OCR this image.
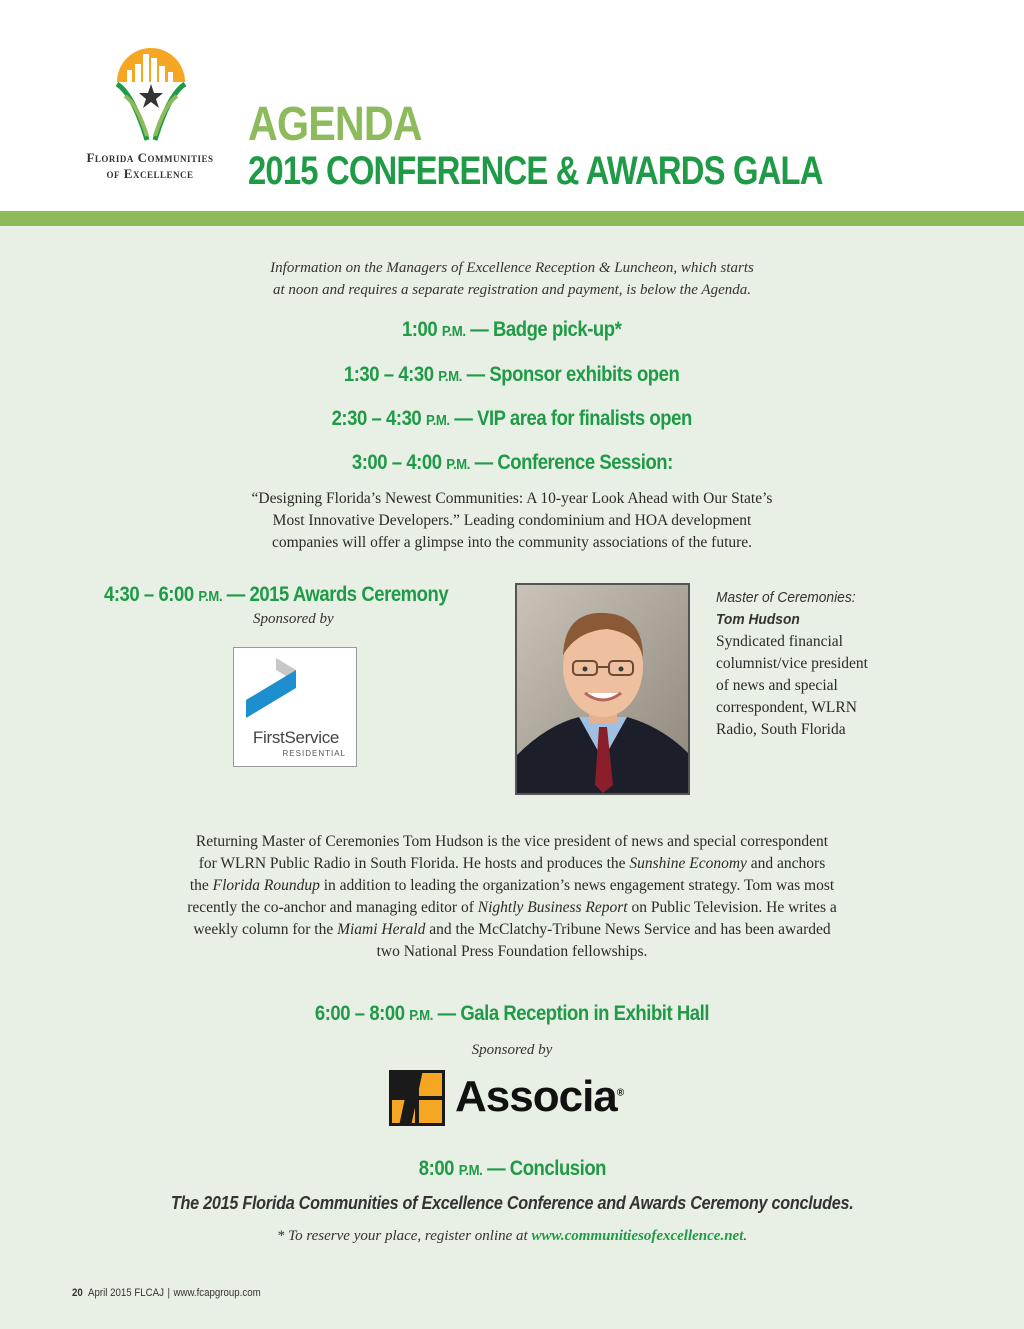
Florida Communities
of Excellence
AGENDA
2015 CONFERENCE & AWARDS GALA
Information on the Managers of Excellence Reception & Luncheon, which starts
at noon and requires a separate registration and payment, is below the Agenda.
1:00 P.M. — Badge pick-up*
1:30 – 4:30 P.M. — Sponsor exhibits open
2:30 – 4:30 P.M. — VIP area for finalists open
3:00 – 4:00 P.M. — Conference Session:
“Designing Florida’s Newest Communities: A 10-year Look Ahead with Our State’s
Most Innovative Developers.” Leading condominium and HOA development
companies will offer a glimpse into the community associations of the future.
4:30 – 6:00 P.M. — 2015 Awards Ceremony
Sponsored by
FirstService
RESIDENTIAL
Master of Ceremonies:
Tom Hudson
Syndicated financial
columnist/vice president
of news and special
correspondent, WLRN
Radio, South Florida
Returning Master of Ceremonies Tom Hudson is the vice president of news and special correspondent
for WLRN Public Radio in South Florida. He hosts and produces the Sunshine Economy and anchors
the Florida Roundup in addition to leading the organization’s news engagement strategy. Tom was most
recently the co-anchor and managing editor of Nightly Business Report on Public Television. He writes a
weekly column for the Miami Herald and the McClatchy-Tribune News Service and has been awarded
two National Press Foundation fellowships.
6:00 – 8:00 P.M. — Gala Reception in Exhibit Hall
Sponsored by
Associa®
8:00 P.M. — Conclusion
The 2015 Florida Communities of Excellence Conference and Awards Ceremony concludes.
* To reserve your place, register online at www.communitiesofexcellence.net.
20 April 2015 FLCAJ | www.fcapgroup.com
